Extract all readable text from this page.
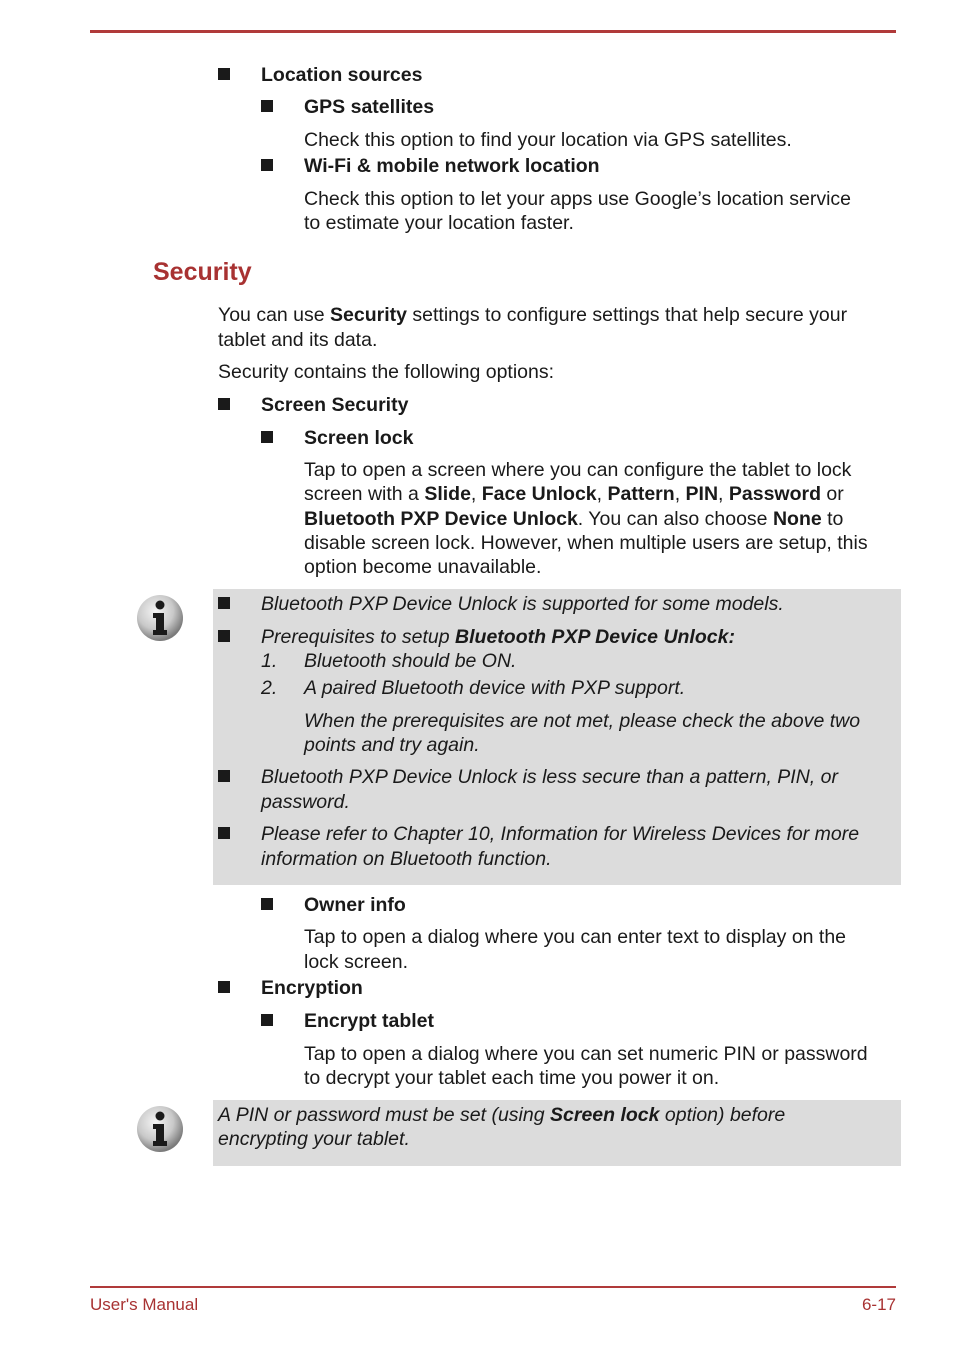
Location sources
GPS satellites
Check this option to find your location via GPS satellites.
Wi-Fi & mobile network location
Check this option to let your apps use Google’s location service
to estimate your location faster.
Security
You can use Security settings to configure settings that help secure your
tablet and its data.
Security contains the following options:
Screen Security
Screen lock
Tap to open a screen where you can configure the tablet to lock
screen with a Slide, Face Unlock, Pattern, PIN, Password or
Bluetooth PXP Device Unlock. You can also choose None to
disable screen lock. However, when multiple users are setup, this
option become unavailable.
Bluetooth PXP Device Unlock is supported for some models.
Prerequisites to setup Bluetooth PXP Device Unlock:
1. Bluetooth should be ON.
2. A paired Bluetooth device with PXP support.
When the prerequisites are not met, please check the above two
points and try again.
Bluetooth PXP Device Unlock is less secure than a pattern, PIN, or
password.
Please refer to Chapter 10, Information for Wireless Devices for more
information on Bluetooth function.
Owner info
Tap to open a dialog where you can enter text to display on the
lock screen.
Encryption
Encrypt tablet
Tap to open a dialog where you can set numeric PIN or password
to decrypt your tablet each time you power it on.
A PIN or password must be set (using Screen lock option) before
encrypting your tablet.
User's Manual	6-17
